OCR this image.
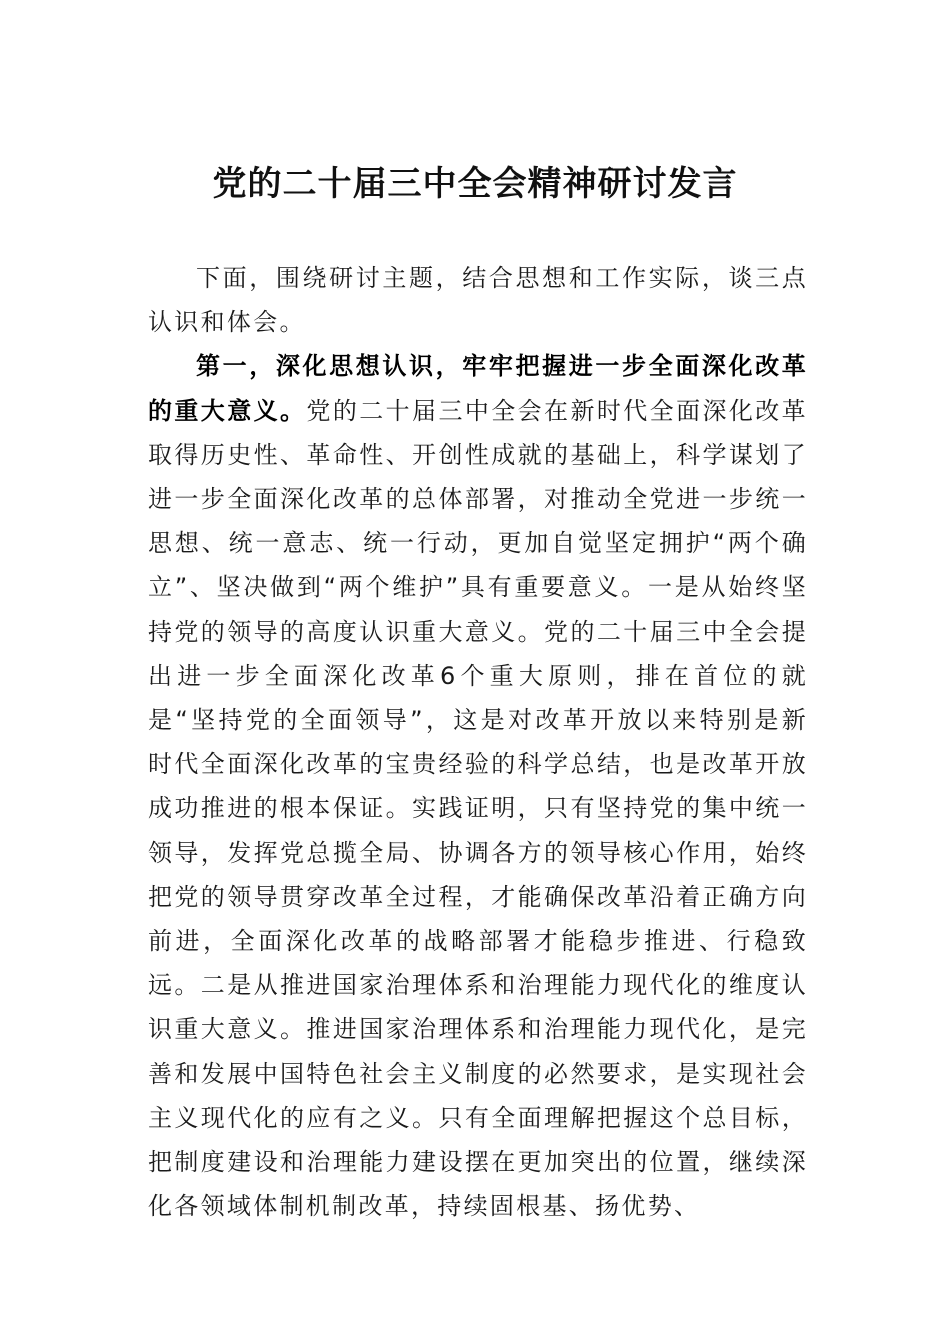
党的二十届三中全会精神研讨发言

下面，围绕研讨主题，结合思想和工作实际，谈三点认识和体会。

第一，深化思想认识，牢牢把握进一步全面深化改革的重大意义。党的二十届三中全会在新时代全面深化改革取得历史性、革命性、开创性成就的基础上，科学谋划了进一步全面深化改革的总体部署，对推动全党进一步统一思想、统一意志、统一行动，更加自觉坚定拥护“两个确立”、坚决做到“两个维护”具有重要意义。一是从始终坚持党的领导的高度认识重大意义。党的二十届三中全会提出进一步全面深化改革6个重大原则，排在首位的就是“坚持党的全面领导”，这是对改革开放以来特别是新时代全面深化改革的宝贵经验的科学总结，也是改革开放成功推进的根本保证。实践证明，只有坚持党的集中统一领导，发挥党总揽全局、协调各方的领导核心作用，始终把党的领导贯穿改革全过程，才能确保改革沿着正确方向前进，全面深化改革的战略部署才能稳步推进、行稳致远。二是从推进国家治理体系和治理能力现代化的维度认识重大意义。推进国家治理体系和治理能力现代化，是完善和发展中国特色社会主义制度的必然要求，是实现社会主义现代化的应有之义。只有全面理解把握这个总目标，把制度建设和治理能力建设摆在更加突出的位置，继续深化各领域体制机制改革，持续固根基、扬优势、
